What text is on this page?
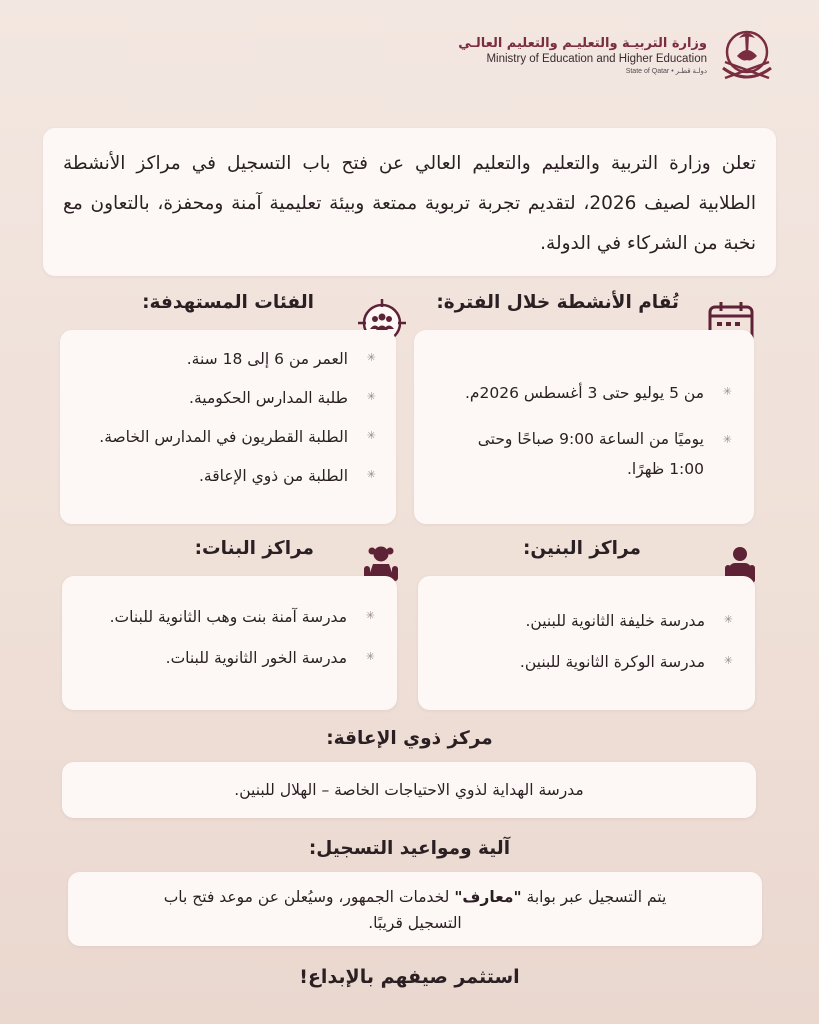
وزارة التربيـة والتعليـم والتعليم العالـي
Ministry of Education and Higher Education
State of Qatar • دولـة قطـر

تعلن وزارة التربية والتعليم والتعليم العالي عن فتح باب التسجيل في مراكز الأنشطة الطلابية لصيف 2026، لتقديم تجربة تربوية ممتعة وبيئة تعليمية آمنة ومحفزة، بالتعاون مع نخبة من الشركاء في الدولة.

تُقام الأنشطة خلال الفترة:
✳ من 5 يوليو حتى 3 أغسطس 2026م.
✳ يوميًا من الساعة 9:00 صباحًا وحتى 1:00 ظهرًا.
الفئات المستهدفة:
✳ العمر من 6 إلى 18 سنة.
✳ طلبة المدارس الحكومية.
✳ الطلبة القطريون في المدارس الخاصة.
✳ الطلبة من ذوي الإعاقة.
مراكز البنين:
✳ مدرسة خليفة الثانوية للبنين.
✳ مدرسة الوكرة الثانوية للبنين.
مراكز البنات:
✳ مدرسة آمنة بنت وهب الثانوية للبنات.
✳ مدرسة الخور الثانوية للبنات.
مركز ذوي الإعاقة:
مدرسة الهداية لذوي الاحتياجات الخاصة – الهلال للبنين.
آلية ومواعيد التسجيل:
يتم التسجيل عبر بوابة "معارف" لخدمات الجمهور، وسيُعلن عن موعد فتح باب التسجيل قريبًا.
استثمر صيفهم بالإبداع!
